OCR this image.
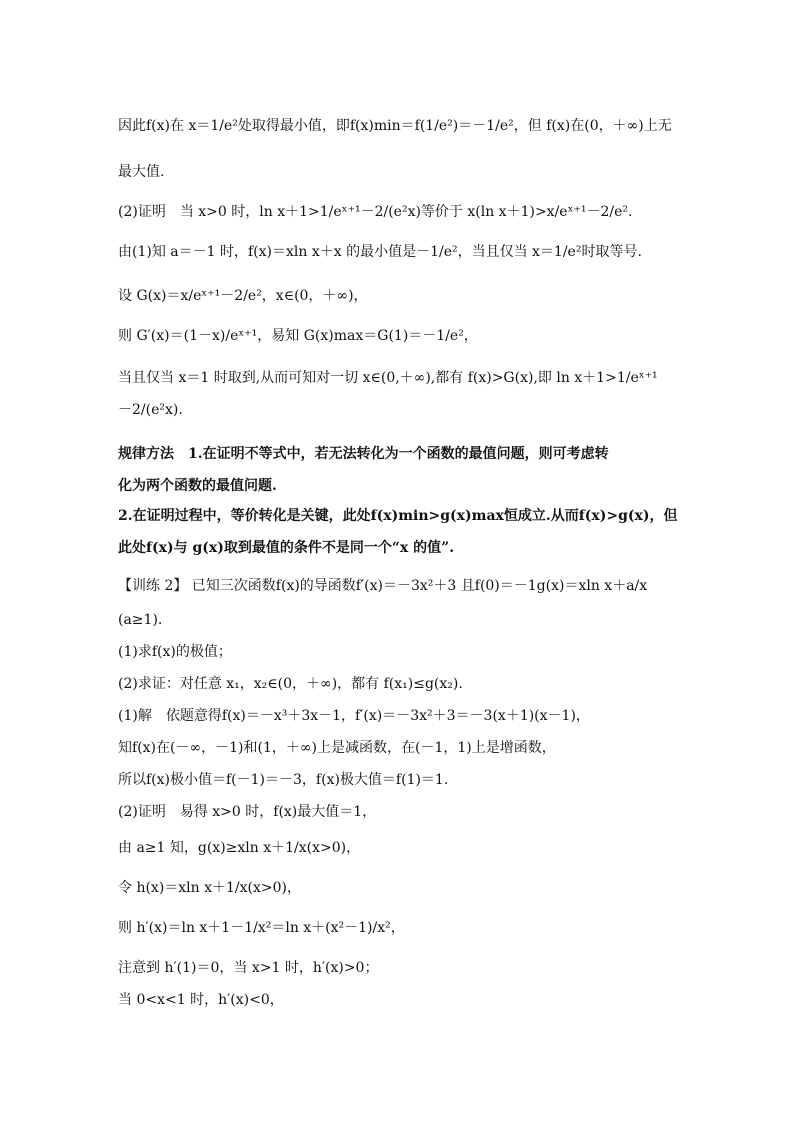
因此f(x)在 x＝1/e²处取得最小值，即f(x)min＝f(1/e²)＝－1/e²，但 f(x)在(0，＋∞)上无
最大值.
(2)证明　当 x>0 时，ln x＋1>1/eˣ⁺¹－2/(e²x)等价于 x(ln x＋1)>x/eˣ⁺¹－2/e².
由(1)知 a＝－1 时，f(x)＝xln x＋x 的最小值是－1/e²，当且仅当 x＝1/e²时取等号.
设 G(x)＝x/eˣ⁺¹－2/e²，x∈(0，＋∞)，
则 G′(x)＝(1－x)/eˣ⁺¹，易知 G(x)max＝G(1)＝－1/e²，
当且仅当 x＝1 时取到,从而可知对一切 x∈(0,＋∞),都有 f(x)>G(x),即 ln x＋1>1/eˣ⁺¹
－2/(e²x).
规律方法　1.在证明不等式中，若无法转化为一个函数的最值问题，则可考虑转
化为两个函数的最值问题.
2.在证明过程中，等价转化是关键，此处f(x)min>g(x)max恒成立.从而f(x)>g(x)，但
此处f(x)与 g(x)取到最值的条件不是同一个“x 的值”.
【训练 2】 已知三次函数f(x)的导函数f′(x)＝－3x²＋3 且f(0)＝－1g(x)＝xln x＋a/x
(a≥1).
(1)求f(x)的极值；
(2)求证：对任意 x₁，x₂∈(0，＋∞)，都有 f(x₁)≤g(x₂).
(1)解　依题意得f(x)＝－x³＋3x－1，f′(x)＝－3x²＋3＝－3(x＋1)(x－1)，
知f(x)在(－∞，－1)和(1，＋∞)上是减函数，在(－1，1)上是增函数，
所以f(x)极小值＝f(－1)＝－3，f(x)极大值＝f(1)＝1.
(2)证明　易得 x>0 时，f(x)最大值＝1，
由 a≥1 知，g(x)≥xln x＋1/x(x>0)，
令 h(x)＝xln x＋1/x(x>0)，
则 h′(x)＝ln x＋1－1/x²＝ln x＋(x²－1)/x²，
注意到 h′(1)＝0，当 x>1 时，h′(x)>0；
当 0<x<1 时，h′(x)<0，
